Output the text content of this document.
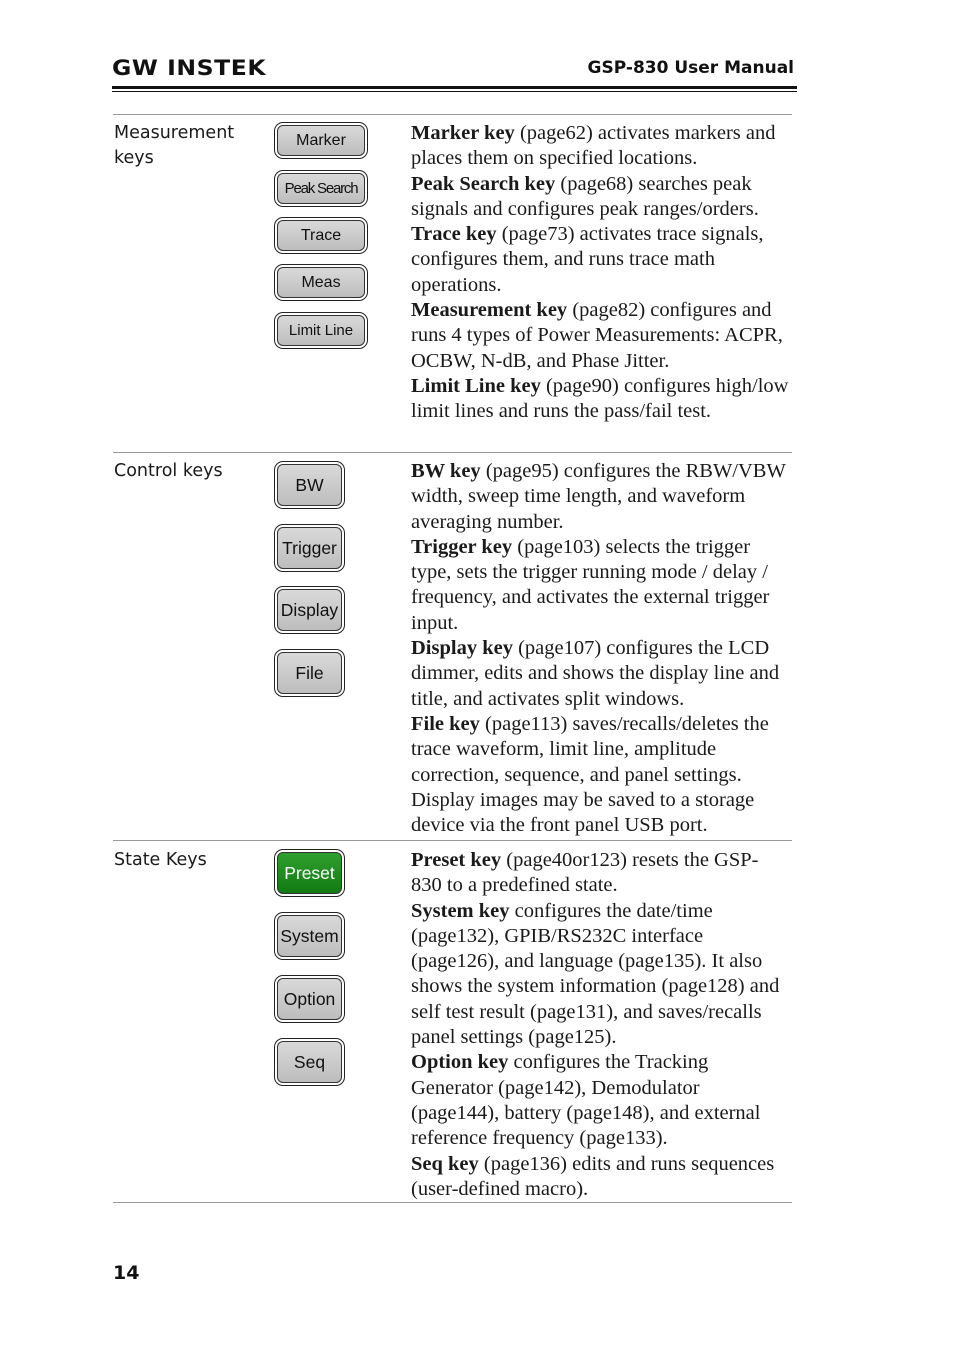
GW INSTEK	GSP-830 User Manual
Measurement keys
Marker
Peak Search
Trace
Meas
Limit Line
Marker key (page62) activates markers and places them on specified locations.
Peak Search key (page68) searches peak signals and configures peak ranges/orders.
Trace key (page73) activates trace signals, configures them, and runs trace math operations.
Measurement key (page82) configures and runs 4 types of Power Measurements: ACPR, OCBW, N-dB, and Phase Jitter.
Limit Line key (page90) configures high/low limit lines and runs the pass/fail test.
Control keys
BW
Trigger
Display
File
BW key (page95) configures the RBW/VBW width, sweep time length, and waveform averaging number.
Trigger key (page103) selects the trigger type, sets the trigger running mode / delay / frequency, and activates the external trigger input.
Display key (page107) configures the LCD dimmer, edits and shows the display line and title, and activates split windows.
File key (page113) saves/recalls/deletes the trace waveform, limit line, amplitude correction, sequence, and panel settings. Display images may be saved to a storage device via the front panel USB port.
State Keys
Preset
System
Option
Seq
Preset key (page40or123) resets the GSP-830 to a predefined state.
System key configures the date/time (page132), GPIB/RS232C interface (page126), and language (page135). It also shows the system information (page128) and self test result (page131), and saves/recalls panel settings (page125).
Option key configures the Tracking Generator (page142), Demodulator (page144), battery (page148), and external reference frequency (page133).
Seq key (page136) edits and runs sequences (user-defined macro).
14
